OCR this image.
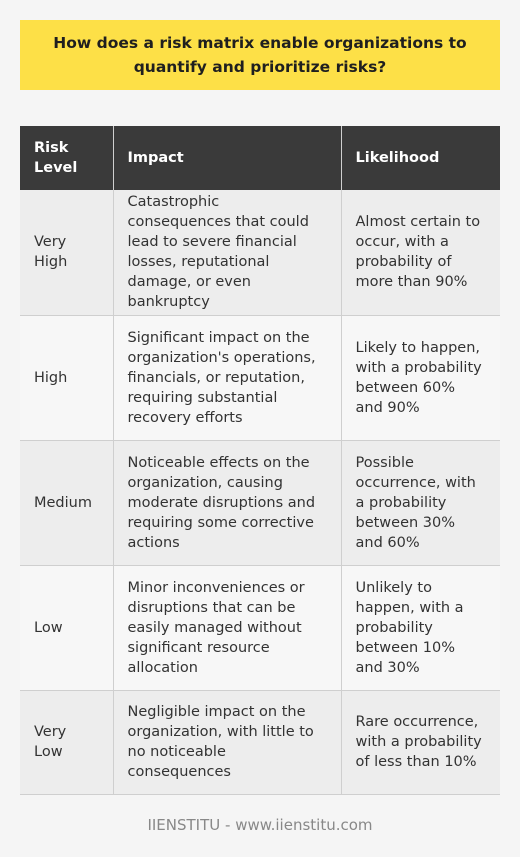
How does a risk matrix enable organizations to quantify and prioritize risks?
Risk Level	Impact	Likelihood
Very High	Catastrophic consequences that could lead to severe financial losses, reputational damage, or even bankruptcy	Almost certain to occur, with a probability of more than 90%
High	Significant impact on the organization's operations, financials, or reputation, requiring substantial recovery efforts	Likely to happen, with a probability between 60% and 90%
Medium	Noticeable effects on the organization, causing moderate disruptions and requiring some corrective actions	Possible occurrence, with a probability between 30% and 60%
Low	Minor inconveniences or disruptions that can be easily managed without significant resource allocation	Unlikely to happen, with a probability between 10% and 30%
Very Low	Negligible impact on the organization, with little to no noticeable consequences	Rare occurrence, with a probability of less than 10%
IIENSTITU - www.iienstitu.com
